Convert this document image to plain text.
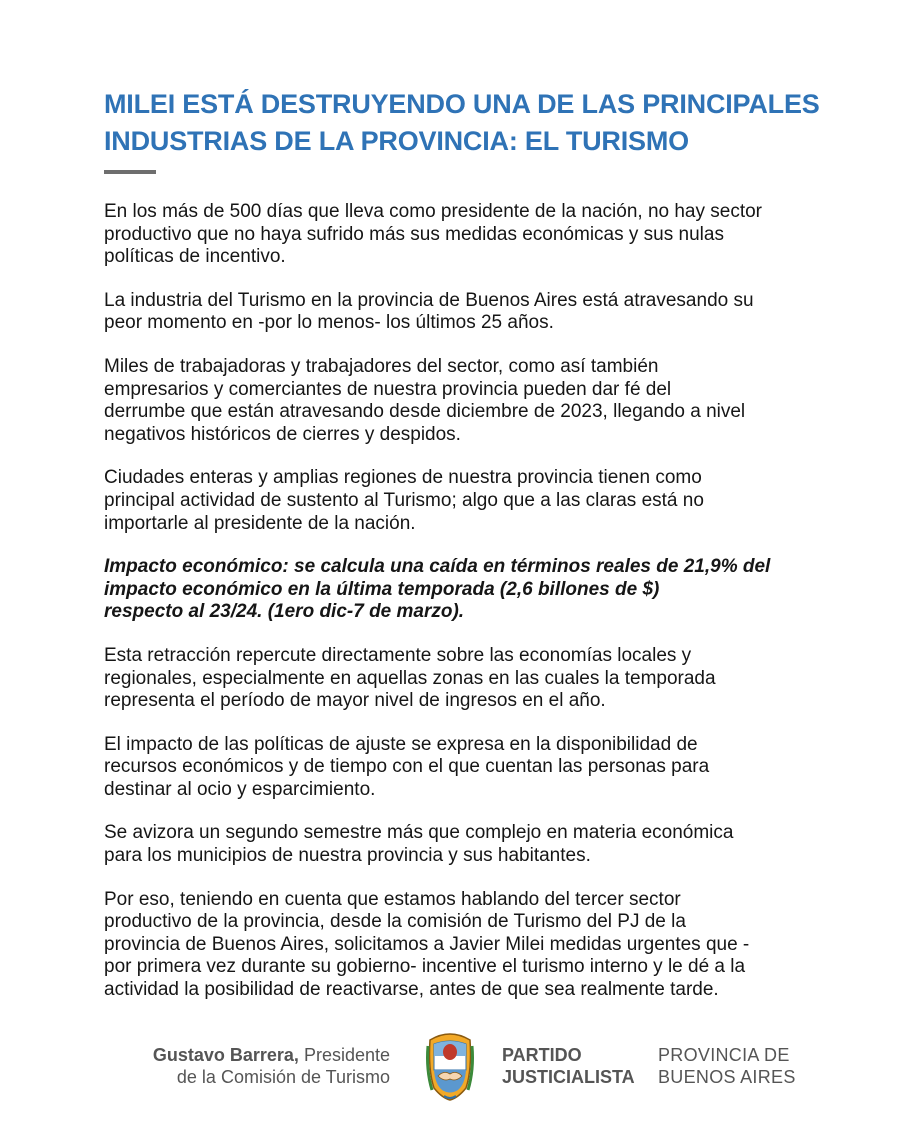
MILEI ESTÁ DESTRUYENDO UNA DE LAS PRINCIPALES
INDUSTRIAS DE LA PROVINCIA: EL TURISMO

En los más de 500 días que lleva como presidente de la nación, no hay sector
productivo que no haya sufrido más sus medidas económicas y sus nulas
políticas de incentivo.

La industria del Turismo en la provincia de Buenos Aires está atravesando su
peor momento en -por lo menos- los últimos 25 años.

Miles de trabajadoras y trabajadores del sector, como así también
empresarios y comerciantes de nuestra provincia pueden dar fé del
derrumbe que están atravesando desde diciembre de 2023, llegando a nivel
negativos históricos de cierres y despidos.

Ciudades enteras y amplias regiones de nuestra provincia tienen como
principal actividad de sustento al Turismo; algo que a las claras está no
importarle al presidente de la nación.

Impacto económico: se calcula una caída en términos reales de 21,9% del
impacto económico en la última temporada (2,6 billones de $)
respecto al 23/24. (1ero dic-7 de marzo).

Esta retracción repercute directamente sobre las economías locales y
regionales, especialmente en aquellas zonas en las cuales la temporada
representa el período de mayor nivel de ingresos en el año.

El impacto de las políticas de ajuste se expresa en la disponibilidad de
recursos económicos y de tiempo con el que cuentan las personas para
destinar al ocio y esparcimiento.

Se avizora un segundo semestre más que complejo en materia económica
para los municipios de nuestra provincia y sus habitantes.

Por eso, teniendo en cuenta que estamos hablando del tercer sector
productivo de la provincia, desde la comisión de Turismo del PJ de la
provincia de Buenos Aires, solicitamos a Javier Milei medidas urgentes que -
por primera vez durante su gobierno- incentive el turismo interno y le dé a la
actividad la posibilidad de reactivarse, antes de que sea realmente tarde.

Gustavo Barrera, Presidente
de la Comisión de Turismo
PARTIDO
JUSTICIALISTA
PROVINCIA DE
BUENOS AIRES
